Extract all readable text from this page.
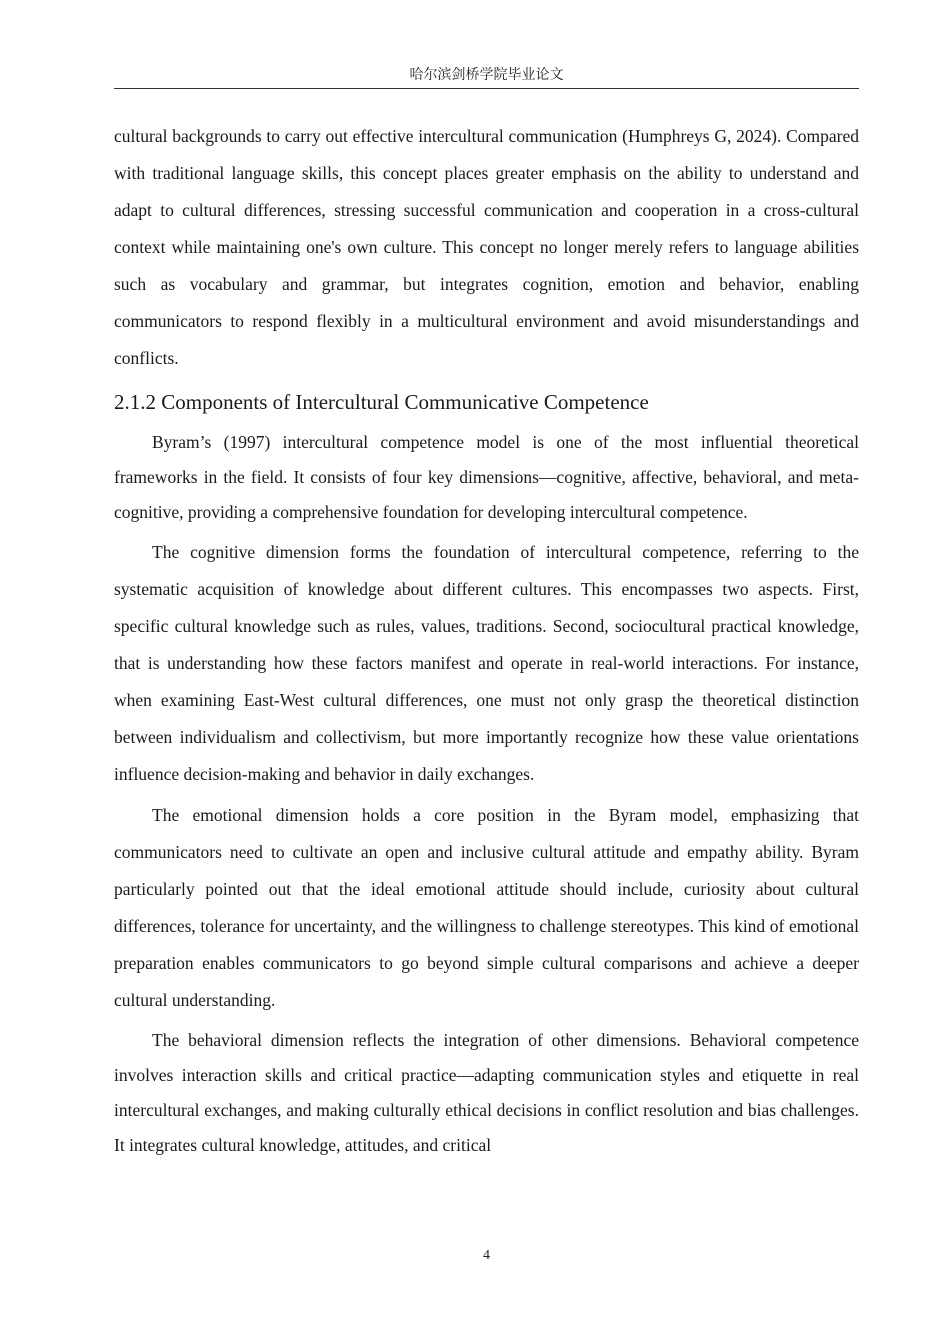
哈尔滨剑桥学院毕业论文

cultural backgrounds to carry out effective intercultural communication (Humphreys G, 2024). Compared with traditional language skills, this concept places greater emphasis on the ability to understand and adapt to cultural differences, stressing successful communication and cooperation in a cross-cultural context while maintaining one's own culture. This concept no longer merely refers to language abilities such as vocabulary and grammar, but integrates cognition, emotion and behavior, enabling communicators to respond flexibly in a multicultural environment and avoid misunderstandings and conflicts.

2.1.2 Components of Intercultural Communicative Competence

Byram’s (1997) intercultural competence model is one of the most influential theoretical frameworks in the field. It consists of four key dimensions—cognitive, affective, behavioral, and meta-cognitive, providing a comprehensive foundation for developing intercultural competence.

The cognitive dimension forms the foundation of intercultural competence, referring to the systematic acquisition of knowledge about different cultures. This encompasses two aspects. First, specific cultural knowledge such as rules, values, traditions. Second, sociocultural practical knowledge, that is understanding how these factors manifest and operate in real-world interactions. For instance, when examining East-West cultural differences, one must not only grasp the theoretical distinction between individualism and collectivism, but more importantly recognize how these value orientations influence decision-making and behavior in daily exchanges.

The emotional dimension holds a core position in the Byram model, emphasizing that communicators need to cultivate an open and inclusive cultural attitude and empathy ability. Byram particularly pointed out that the ideal emotional attitude should include, curiosity about cultural differences, tolerance for uncertainty, and the willingness to challenge stereotypes. This kind of emotional preparation enables communicators to go beyond simple cultural comparisons and achieve a deeper cultural understanding.

The behavioral dimension reflects the integration of other dimensions. Behavioral competence involves interaction skills and critical practice—adapting communication styles and etiquette in real intercultural exchanges, and making culturally ethical decisions in conflict resolution and bias challenges. It integrates cultural knowledge, attitudes, and critical

4
